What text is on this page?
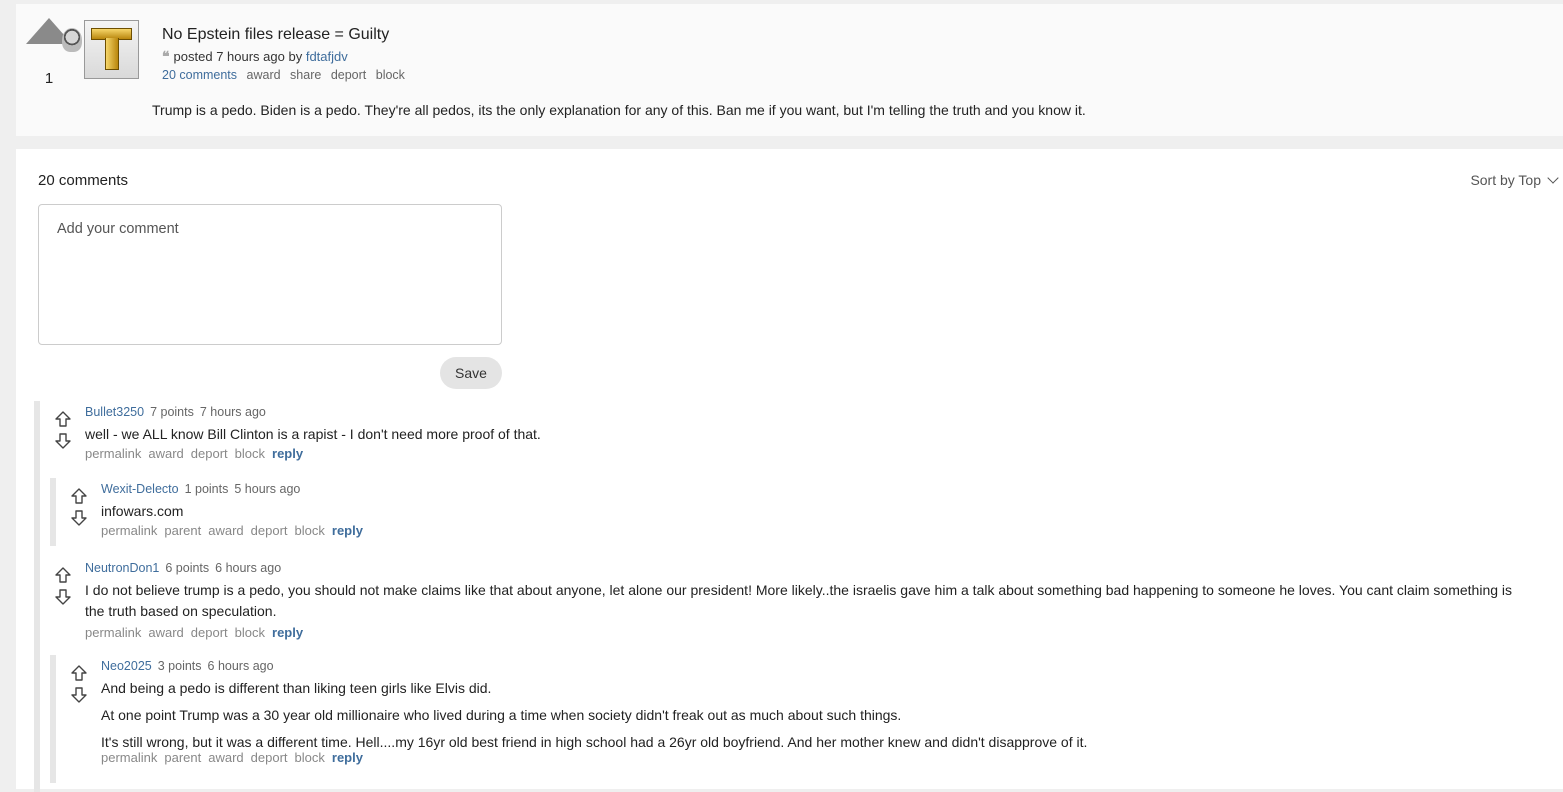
1
No Epstein files release = Guilty
❝ posted 7 hours ago by fdtafjdv
20 comments award share deport block
Trump is a pedo. Biden is a pedo. They're all pedos, its the only explanation for any of this. Ban me if you want, but I'm telling the truth and you know it.
20 comments	Sort by Top
Add your comment
Save
Bullet3250 7 points 7 hours ago

well - we ALL know Bill Clinton is a rapist - I don't need more proof of that.

permalink award deport block reply
Wexit-Delecto 1 points 5 hours ago

infowars.com

permalink parent award deport block reply
NeutronDon1 6 points 6 hours ago

I do not believe trump is a pedo, you should not make claims like that about anyone, let alone our president! More likely..the israelis gave him a talk about something bad happening to someone he loves. You cant claim something is the truth based on speculation.

permalink award deport block reply
Neo2025 3 points 6 hours ago

And being a pedo is different than liking teen girls like Elvis did.

At one point Trump was a 30 year old millionaire who lived during a time when society didn't freak out as much about such things.

It's still wrong, but it was a different time. Hell....my 16yr old best friend in high school had a 26yr old boyfriend. And her mother knew and didn't disapprove of it.

permalink parent award deport block reply
